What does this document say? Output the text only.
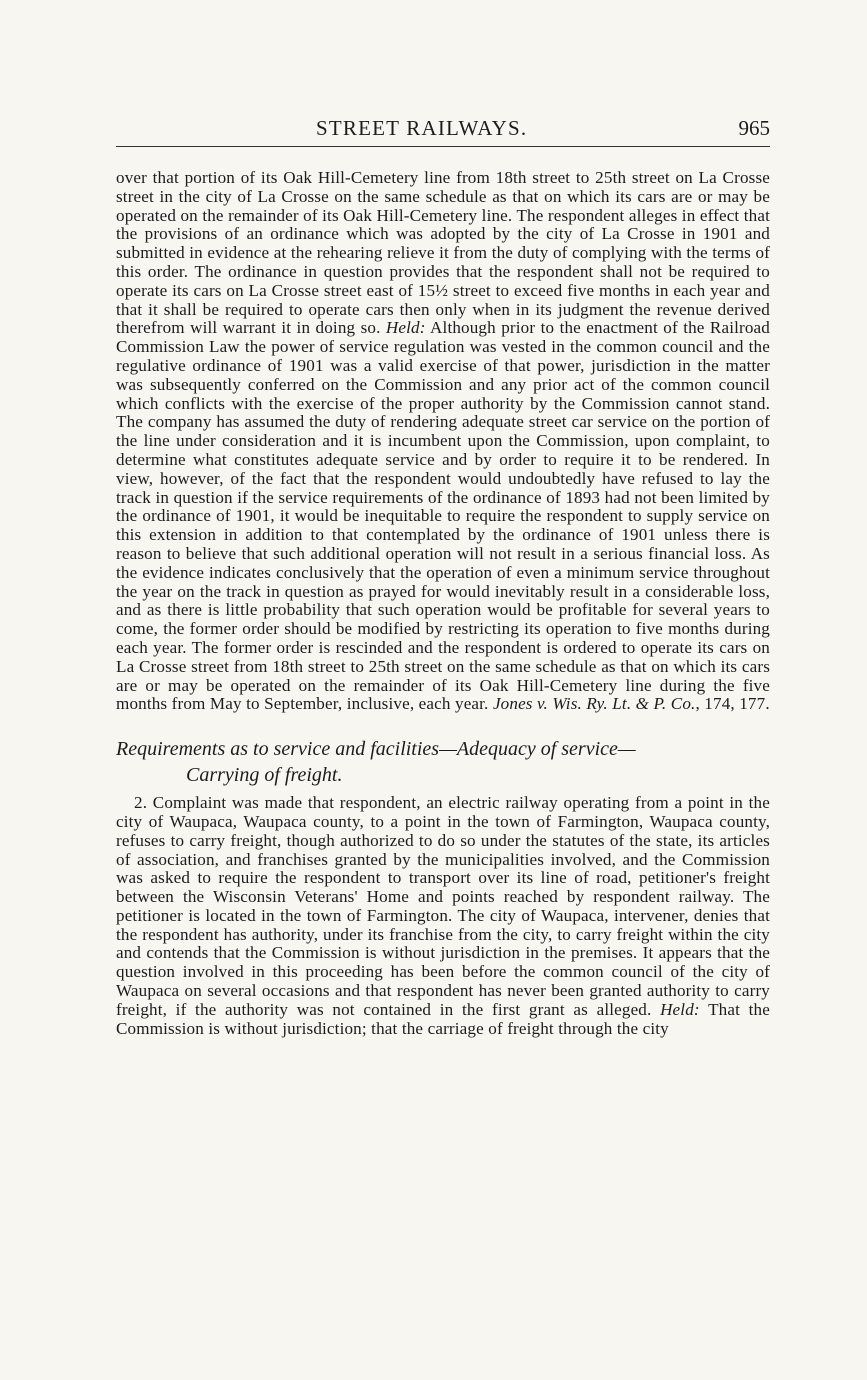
STREET RAILWAYS.	965

over that portion of its Oak Hill-Cemetery line from 18th street to 25th street on La Crosse street in the city of La Crosse on the same schedule as that on which its cars are or may be operated on the remainder of its Oak Hill-Cemetery line. The respondent alleges in effect that the provisions of an ordinance which was adopted by the city of La Crosse in 1901 and submitted in evidence at the rehearing relieve it from the duty of complying with the terms of this order. The ordinance in question provides that the respondent shall not be required to operate its cars on La Crosse street east of 15½ street to exceed five months in each year and that it shall be required to operate cars then only when in its judgment the revenue derived therefrom will warrant it in doing so. Held: Although prior to the enactment of the Railroad Commission Law the power of service regulation was vested in the common council and the regulative ordinance of 1901 was a valid exercise of that power, jurisdiction in the matter was subsequently conferred on the Commission and any prior act of the common council which conflicts with the exercise of the proper authority by the Commission cannot stand. The company has assumed the duty of rendering adequate street car service on the portion of the line under consideration and it is incumbent upon the Commission, upon complaint, to determine what constitutes adequate service and by order to require it to be rendered. In view, however, of the fact that the respondent would undoubtedly have refused to lay the track in question if the service requirements of the ordinance of 1893 had not been limited by the ordinance of 1901, it would be inequitable to require the respondent to supply service on this extension in addition to that contemplated by the ordinance of 1901 unless there is reason to believe that such additional operation will not result in a serious financial loss. As the evidence indicates conclusively that the operation of even a minimum service throughout the year on the track in question as prayed for would inevitably result in a considerable loss, and as there is little probability that such operation would be profitable for several years to come, the former order should be modified by restricting its operation to five months during each year. The former order is rescinded and the respondent is ordered to operate its cars on La Crosse street from 18th street to 25th street on the same schedule as that on which its cars are or may be operated on the remainder of its Oak Hill-Cemetery line during the five months from May to September, inclusive, each year. Jones v. Wis. Ry. Lt. & P. Co., 174, 177.

Requirements as to service and facilities—Adequacy of service—
Carrying of freight.

2. Complaint was made that respondent, an electric railway operating from a point in the city of Waupaca, Waupaca county, to a point in the town of Farmington, Waupaca county, refuses to carry freight, though authorized to do so under the statutes of the state, its articles of association, and franchises granted by the municipalities involved, and the Commission was asked to require the respondent to transport over its line of road, petitioner's freight between the Wisconsin Veterans' Home and points reached by respondent railway. The petitioner is located in the town of Farmington. The city of Waupaca, intervener, denies that the respondent has authority, under its franchise from the city, to carry freight within the city and contends that the Commission is without jurisdiction in the premises. It appears that the question involved in this proceeding has been before the common council of the city of Waupaca on several occasions and that respondent has never been granted authority to carry freight, if the authority was not contained in the first grant as alleged. Held: That the Commission is without jurisdiction; that the carriage of freight through the city
